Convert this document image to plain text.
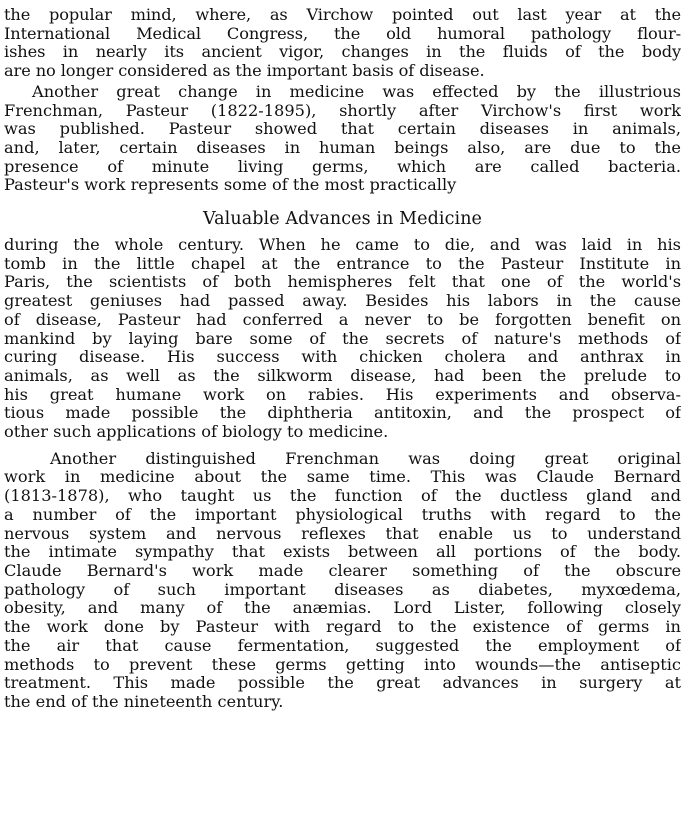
the popular mind, where, as Virchow pointed out last year at the
International Medical Congress, the old humoral pathology flour-
ishes in nearly its ancient vigor, changes in the fluids of the body
are no longer considered as the important basis of disease.
Another great change in medicine was effected by the illustrious
Frenchman, Pasteur (1822-1895), shortly after Virchow's first work
was published. Pasteur showed that certain diseases in animals,
and, later, certain diseases in human beings also, are due to the
presence of minute living germs, which are called bacteria.
Pasteur's work represents some of the most practically
Valuable Advances in Medicine
during the whole century. When he came to die, and was laid in his
tomb in the little chapel at the entrance to the Pasteur Institute in
Paris, the scientists of both hemispheres felt that one of the world's
greatest geniuses had passed away. Besides his labors in the cause
of disease, Pasteur had conferred a never to be forgotten benefit on
mankind by laying bare some of the secrets of nature's methods of
curing disease. His success with chicken cholera and anthrax in
animals, as well as the silkworm disease, had been the prelude to
his great humane work on rabies. His experiments and observa-
tious made possible the diphtheria antitoxin, and the prospect of
other such applications of biology to medicine.
Another distinguished Frenchman was doing great original
work in medicine about the same time. This was Claude Bernard
(1813-1878), who taught us the function of the ductless gland and
a number of the important physiological truths with regard to the
nervous system and nervous reflexes that enable us to understand
the intimate sympathy that exists between all portions of the body.
Claude Bernard's work made clearer something of the obscure
pathology of such important diseases as diabetes, myxœdema,
obesity, and many of the anæmias. Lord Lister, following closely
the work done by Pasteur with regard to the existence of germs in
the air that cause fermentation, suggested the employment of
methods to prevent these germs getting into wounds—the antiseptic
treatment. This made possible the great advances in surgery at
the end of the nineteenth century.
